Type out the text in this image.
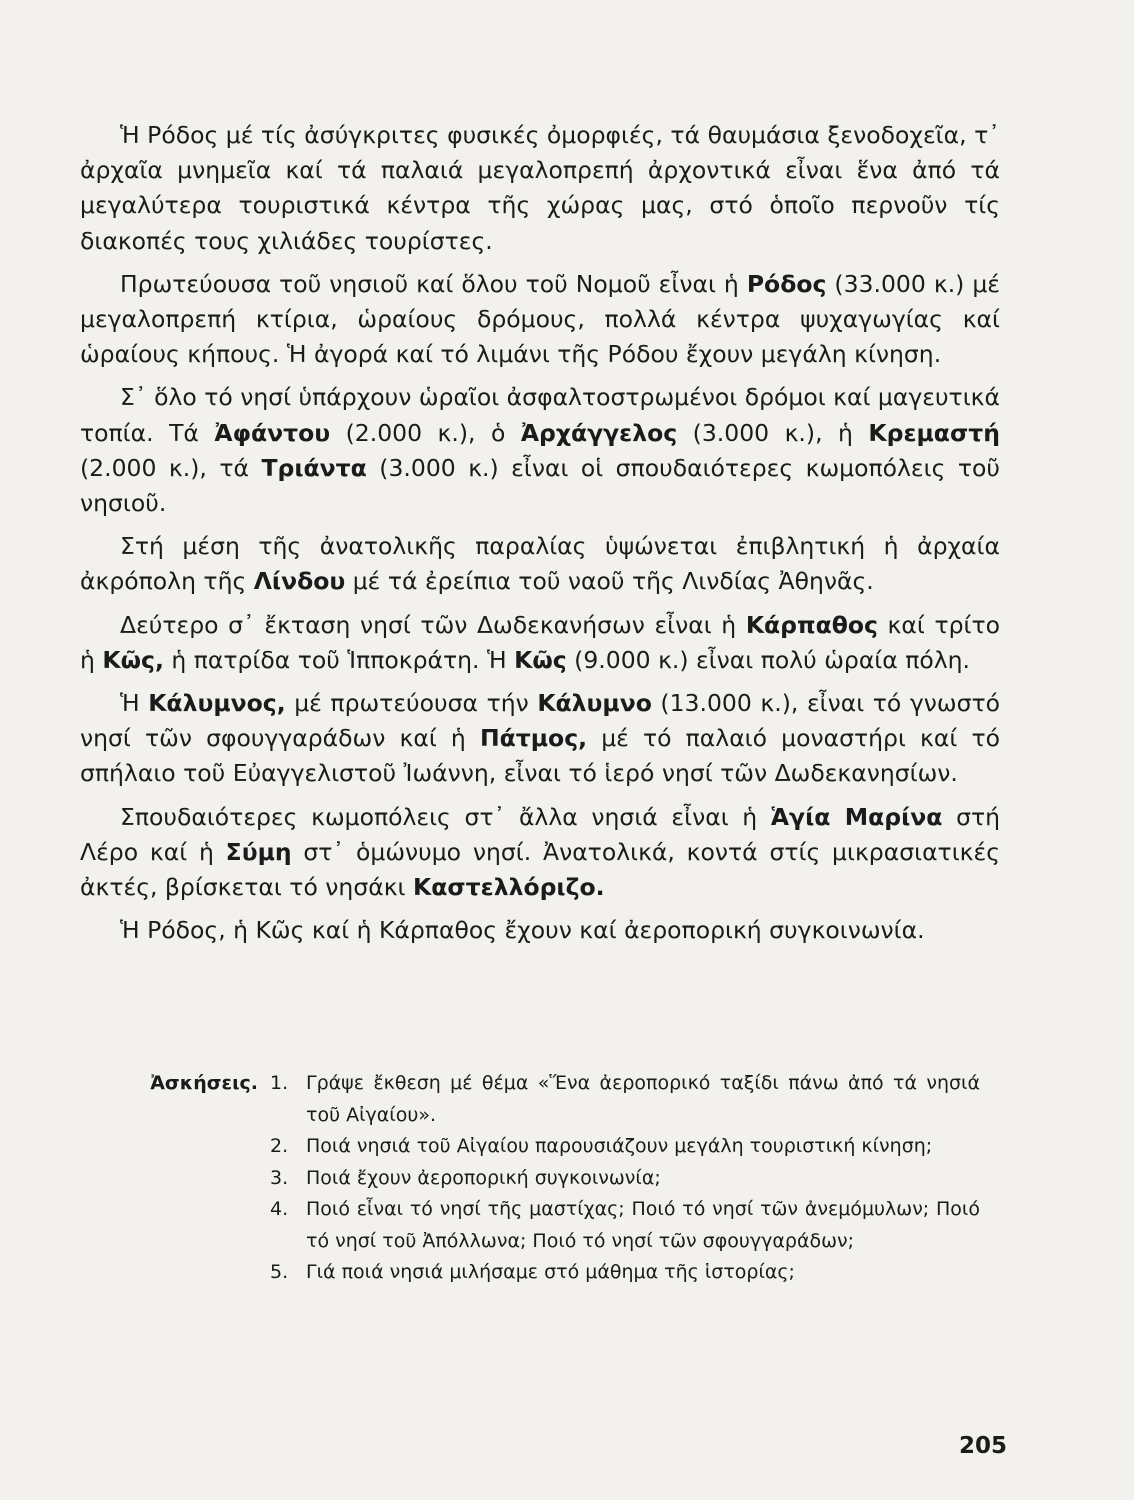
Ἡ Ρόδος μέ τίς ἀσύγκριτες φυσικές ὀμορφιές, τά θαυμάσια ξενοδοχεῖα, τ᾽ ἀρχαῖα μνημεῖα καί τά παλαιά μεγαλοπρεπή ἀρχοντικά εἶναι ἕνα ἀπό τά μεγαλύτερα τουριστικά κέντρα τῆς χώρας μας, στό ὁποῖο περνοῦν τίς διακοπές τους χιλιάδες τουρίστες.

Πρωτεύουσα τοῦ νησιοῦ καί ὅλου τοῦ Νομοῦ εἶναι ἡ Ρόδος (33.000 κ.) μέ μεγαλοπρεπή κτίρια, ὡραίους δρόμους, πολλά κέντρα ψυχαγωγίας καί ὡραίους κήπους. Ἡ ἀγορά καί τό λιμάνι τῆς Ρόδου ἔχουν μεγάλη κίνηση.

Σ᾽ ὅλο τό νησί ὑπάρχουν ὡραῖοι ἀσφαλτοστρωμένοι δρόμοι καί μαγευτικά τοπία. Τά Ἀφάντου (2.000 κ.), ὁ Ἀρχάγγελος (3.000 κ.), ἡ Κρεμαστή (2.000 κ.), τά Τριάντα (3.000 κ.) εἶναι οἱ σπουδαιότερες κωμοπόλεις τοῦ νησιοῦ.

Στή μέση τῆς ἀνατολικῆς παραλίας ὑψώνεται ἐπιβλητική ἡ ἀρχαία ἀκρόπολη τῆς Λίνδου μέ τά ἐρείπια τοῦ ναοῦ τῆς Λινδίας Ἀθηνᾶς.

Δεύτερο σ᾽ ἔκταση νησί τῶν Δωδεκανήσων εἶναι ἡ Κάρπαθος καί τρίτο ἡ Κῶς, ἡ πατρίδα τοῦ Ἱπποκράτη. Ἡ Κῶς (9.000 κ.) εἶναι πολύ ὡραία πόλη.

Ἡ Κάλυμνος, μέ πρωτεύουσα τήν Κάλυμνο (13.000 κ.), εἶναι τό γνωστό νησί τῶν σφουγγαράδων καί ἡ Πάτμος, μέ τό παλαιό μοναστήρι καί τό σπήλαιο τοῦ Εὐαγγελιστοῦ Ἰωάννη, εἶναι τό ἱερό νησί τῶν Δωδεκανησίων.

Σπουδαιότερες κωμοπόλεις στ᾽ ἄλλα νησιά εἶναι ἡ Ἁγία Μαρίνα στή Λέρο καί ἡ Σύμη στ᾽ ὁμώνυμο νησί. Ἀνατολικά, κοντά στίς μικρασιατικές ἀκτές, βρίσκεται τό νησάκι Καστελλόριζο.

Ἡ Ρόδος, ἡ Κῶς καί ἡ Κάρπαθος ἔχουν καί ἀεροπορική συγκοινωνία.

Ἀσκήσεις. 1. Γράψε ἔκθεση μέ θέμα «Ἕνα ἀεροπορικό ταξίδι πάνω ἀπό τά νησιά τοῦ Αἰγαίου».
2. Ποιά νησιά τοῦ Αἰγαίου παρουσιάζουν μεγάλη τουριστική κίνηση;
3. Ποιά ἔχουν ἀεροπορική συγκοινωνία;
4. Ποιό εἶναι τό νησί τῆς μαστίχας; Ποιό τό νησί τῶν ἀνεμόμυλων; Ποιό τό νησί τοῦ Ἀπόλλωνα; Ποιό τό νησί τῶν σφουγγαράδων;
5. Γιά ποιά νησιά μιλήσαμε στό μάθημα τῆς ἱστορίας;
205
